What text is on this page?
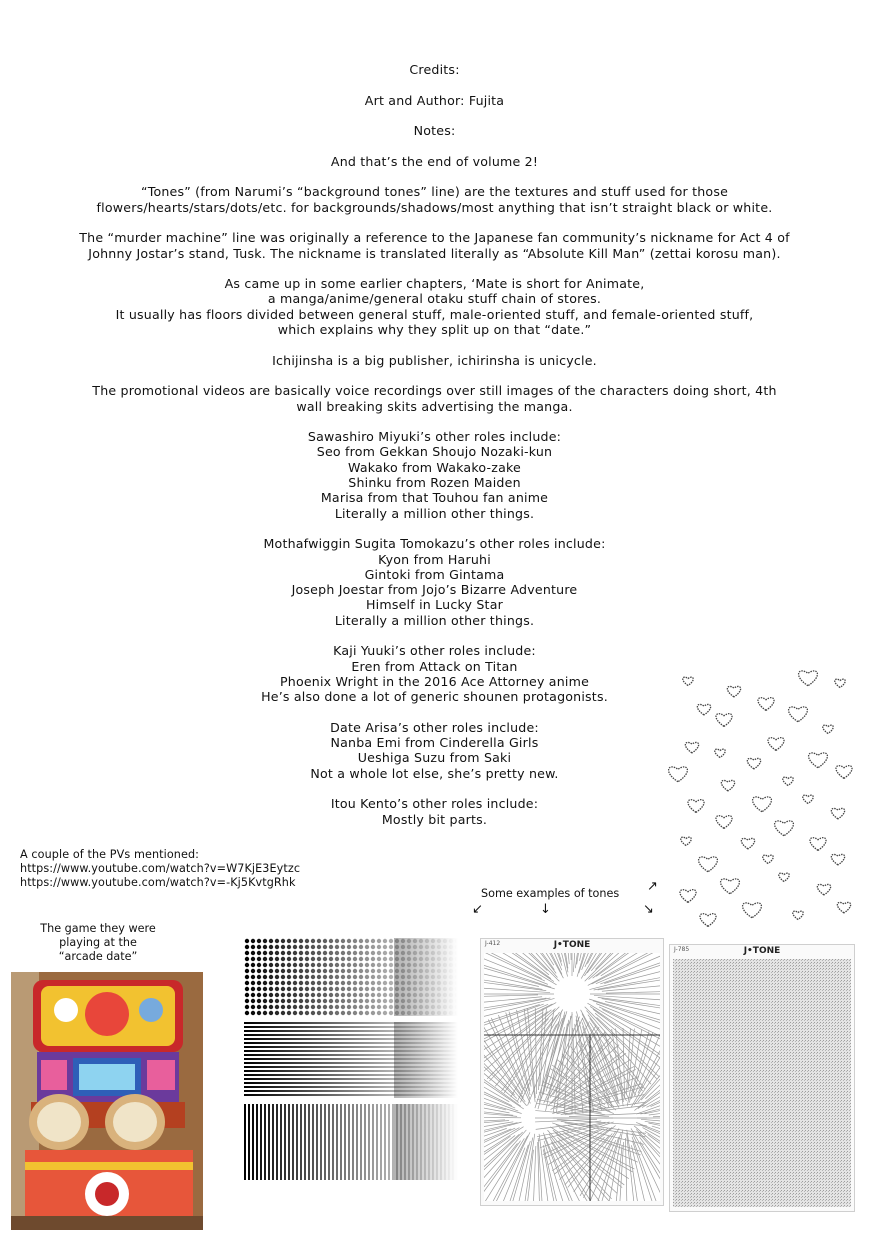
Credits:
Art and Author: Fujita
Notes:
And that’s the end of volume 2!
“Tones” (from Narumi’s “background tones” line) are the textures and stuff used for those
flowers/hearts/stars/dots/etc. for backgrounds/shadows/most anything that isn’t straight black or white.
The “murder machine” line was originally a reference to the Japanese fan community’s nickname for Act 4 of
Johnny Jostar’s stand, Tusk. The nickname is translated literally as “Absolute Kill Man” (zettai korosu man).
As came up in some earlier chapters, ‘Mate is short for Animate,
a manga/anime/general otaku stuff chain of stores.
It usually has floors divided between general stuff, male-oriented stuff, and female-oriented stuff,
which explains why they split up on that “date.”
Ichijinsha is a big publisher, ichirinsha is unicycle.
The promotional videos are basically voice recordings over still images of the characters doing short, 4th
wall breaking skits advertising the manga.
Sawashiro Miyuki’s other roles include:
Seo from Gekkan Shoujo Nozaki-kun
Wakako from Wakako-zake
Shinku from Rozen Maiden
Marisa from that Touhou fan anime
Literally a million other things.
Mothafwiggin Sugita Tomokazu’s other roles include:
Kyon from Haruhi
Gintoki from Gintama
Joseph Joestar from Jojo’s Bizarre Adventure
Himself in Lucky Star
Literally a million other things.
Kaji Yuuki’s other roles include:
Eren from Attack on Titan
Phoenix Wright in the 2016 Ace Attorney anime
He’s also done a lot of generic shounen protagonists.
Date Arisa’s other roles include:
Nanba Emi from Cinderella Girls
Ueshiga Suzu from Saki
Not a whole lot else, she’s pretty new.
Itou Kento’s other roles include:
Mostly bit parts.
A couple of the PVs mentioned:
https://www.youtube.com/watch?v=W7KjE3Eytzc
https://www.youtube.com/watch?v=-Kj5KvtgRhk
The game they were
playing at the
“arcade date”
Some examples of tones ↗
↙	↓	↘
J•TONE
J-412
J•TONE
J-785
